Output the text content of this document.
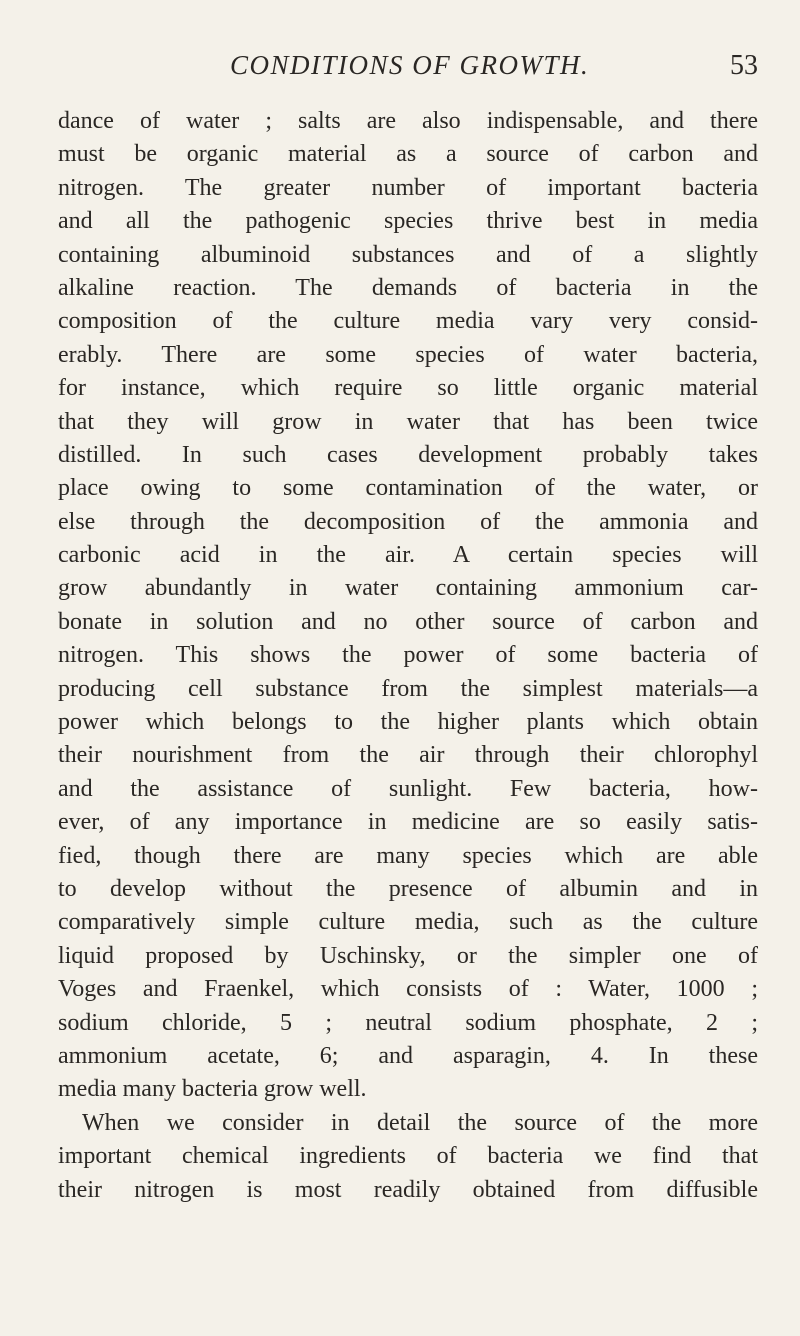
CONDITIONS OF GROWTH.	53
dance of water ; salts are also indispensable, and there
must be organic material as a source of carbon and
nitrogen. The greater number of important bacteria
and all the pathogenic species thrive best in media
containing albuminoid substances and of a slightly
alkaline reaction. The demands of bacteria in the
composition of the culture media vary very consid-
erably. There are some species of water bacteria,
for instance, which require so little organic material
that they will grow in water that has been twice
distilled. In such cases development probably takes
place owing to some contamination of the water, or
else through the decomposition of the ammonia and
carbonic acid in the air. A certain species will
grow abundantly in water containing ammonium car-
bonate in solution and no other source of carbon and
nitrogen. This shows the power of some bacteria of
producing cell substance from the simplest materials—a
power which belongs to the higher plants which obtain
their nourishment from the air through their chlorophyl
and the assistance of sunlight. Few bacteria, how-
ever, of any importance in medicine are so easily satis-
fied, though there are many species which are able
to develop without the presence of albumin and in
comparatively simple culture media, such as the culture
liquid proposed by Uschinsky, or the simpler one of
Voges and Fraenkel, which consists of : Water, 1000 ;
sodium chloride, 5 ; neutral sodium phosphate, 2 ;
ammonium acetate, 6; and asparagin, 4. In these
media many bacteria grow well.
When we consider in detail the source of the more
important chemical ingredients of bacteria we find that
their nitrogen is most readily obtained from diffusible
